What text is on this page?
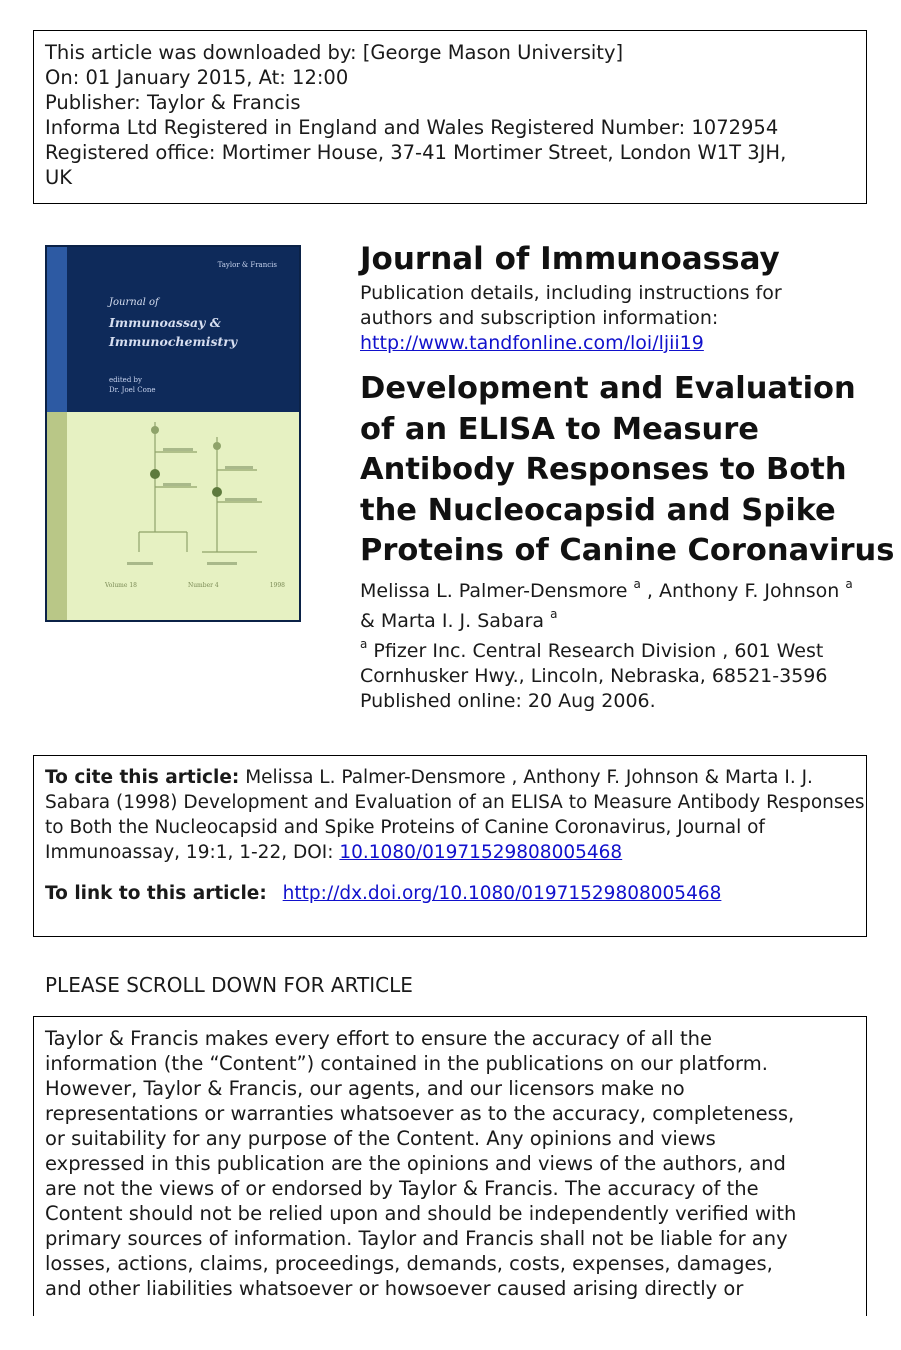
This article was downloaded by: [George Mason University]
On: 01 January 2015, At: 12:00
Publisher: Taylor & Francis
Informa Ltd Registered in England and Wales Registered Number: 1072954
Registered office: Mortimer House, 37-41 Mortimer Street, London W1T 3JH,
UK
Taylor & Francis
Journal of
Immunoassay &
Immunochemistry
edited by
Dr. Joel Cone
Volume 18	Number 4	1998
Journal of Immunoassay
Publication details, including instructions for
authors and subscription information:
http://www.tandfonline.com/loi/ljii19
Development and Evaluation
of an ELISA to Measure
Antibody Responses to Both
the Nucleocapsid and Spike
Proteins of Canine Coronavirus
Melissa L. Palmer-Densmore $^a$ , Anthony F. Johnson $^a$
& Marta I. J. Sabara $^a$
$^a$ Pfizer Inc. Central Research Division , 601 West
Cornhusker Hwy., Lincoln, Nebraska, 68521-3596
Published online: 20 Aug 2006.
To cite this article: Melissa L. Palmer-Densmore , Anthony F. Johnson & Marta I. J.
Sabara (1998) Development and Evaluation of an ELISA to Measure Antibody Responses
to Both the Nucleocapsid and Spike Proteins of Canine Coronavirus, Journal of
Immunoassay, 19:1, 1-22, DOI: 10.1080/01971529808005468
To link to this article: http://dx.doi.org/10.1080/01971529808005468
PLEASE SCROLL DOWN FOR ARTICLE
Taylor & Francis makes every effort to ensure the accuracy of all the
information (the “Content”) contained in the publications on our platform.
However, Taylor & Francis, our agents, and our licensors make no
representations or warranties whatsoever as to the accuracy, completeness,
or suitability for any purpose of the Content. Any opinions and views
expressed in this publication are the opinions and views of the authors, and
are not the views of or endorsed by Taylor & Francis. The accuracy of the
Content should not be relied upon and should be independently verified with
primary sources of information. Taylor and Francis shall not be liable for any
losses, actions, claims, proceedings, demands, costs, expenses, damages,
and other liabilities whatsoever or howsoever caused arising directly or
